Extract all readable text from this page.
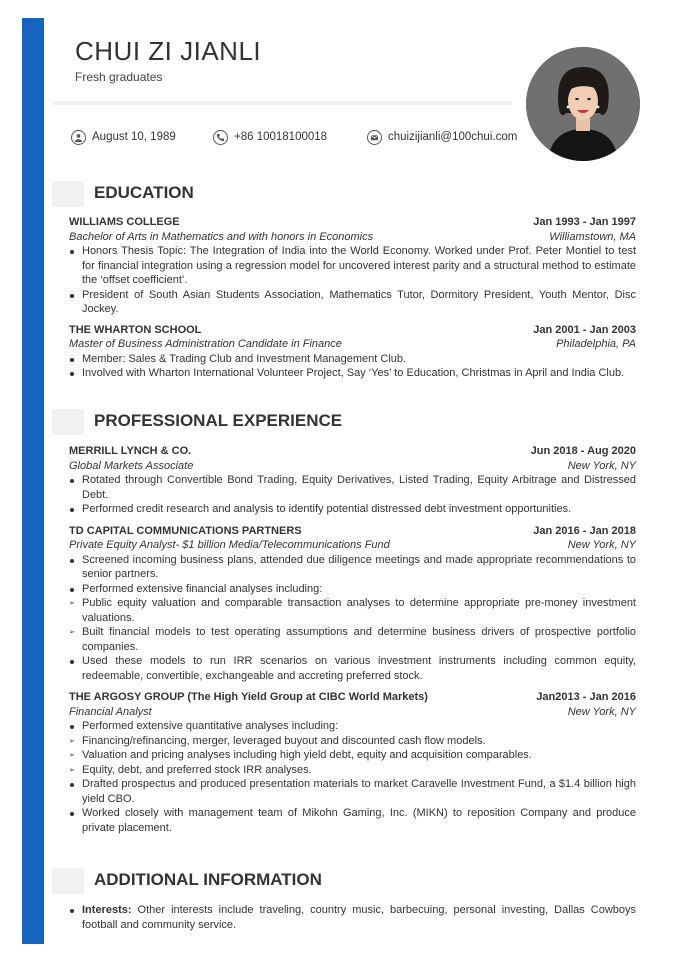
CHUI ZI JIANLI
Fresh graduates
August 10, 1989	+86 10018100018	chuizijianli@100chui.com
EDUCATION
WILLIAMS COLLEGE	Jan 1993 - Jan 1997
Bachelor of Arts in Mathematics and with honors in Economics	Williamstown, MA
Honors Thesis Topic: The Integration of India into the World Economy. Worked under Prof. Peter Montiel to test for financial integration using a regression model for uncovered interest parity and a structural method to estimate the ‘offset coefficient’.
President of South Asian Students Association, Mathematics Tutor, Dormitory President, Youth Mentor, Disc Jockey.
THE WHARTON SCHOOL	Jan 2001 - Jan 2003
Master of Business Administration Candidate in Finance	Philadelphia, PA
Member: Sales & Trading Club and Investment Management Club.
Involved with Wharton International Volunteer Project, Say ‘Yes’ to Education, Christmas in April and India Club.
PROFESSIONAL EXPERIENCE
MERRILL LYNCH & CO.	Jun 2018 - Aug 2020
Global Markets Associate	New York, NY
Rotated through Convertible Bond Trading, Equity Derivatives, Listed Trading, Equity Arbitrage and Distressed Debt.
Performed credit research and analysis to identify potential distressed debt investment opportunities.
TD CAPITAL COMMUNICATIONS PARTNERS	Jan 2016 - Jan 2018
Private Equity Analyst- $1 billion Media/Telecommunications Fund	New York, NY
Screened incoming business plans, attended due diligence meetings and made appropriate recommendations to senior partners.
Performed extensive financial analyses including:
➢ Public equity valuation and comparable transaction analyses to determine appropriate pre-money investment valuations.
➢ Built financial models to test operating assumptions and determine business drivers of prospective portfolio companies.
Used these models to run IRR scenarios on various investment instruments including common equity, redeemable, convertible, exchangeable and accreting preferred stock.
THE ARGOSY GROUP (The High Yield Group at CIBC World Markets)	Jan2013 - Jan 2016
Financial Analyst	New York, NY
Performed extensive quantitative analyses including:
➢ Financing/refinancing, merger, leveraged buyout and discounted cash flow models.
➢ Valuation and pricing analyses including high yield debt, equity and acquisition comparables.
➢ Equity, debt, and preferred stock IRR analyses.
Drafted prospectus and produced presentation materials to market Caravelle Investment Fund, a $1.4 billion high yield CBO.
Worked closely with management team of Mikohn Gaming, Inc. (MIKN) to reposition Company and produce private placement.
ADDITIONAL INFORMATION
Interests: Other interests include traveling, country music, barbecuing, personal investing, Dallas Cowboys football and community service.
